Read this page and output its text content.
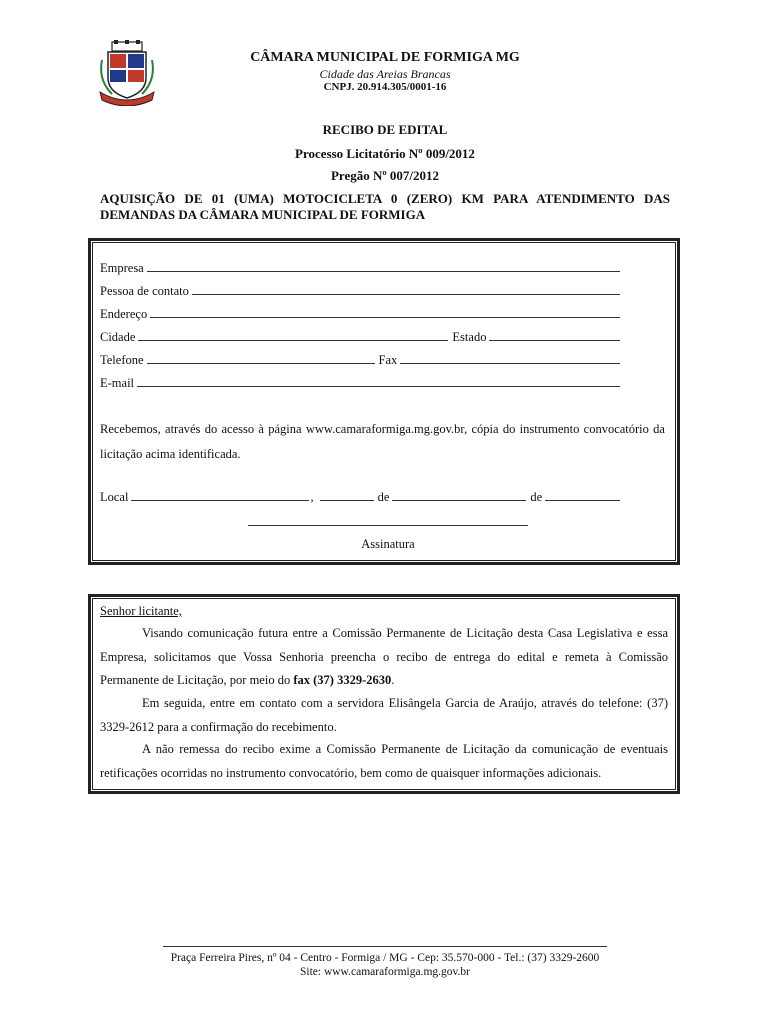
CÂMARA MUNICIPAL DE FORMIGA MG
Cidade das Areias Brancas
CNPJ. 20.914.305/0001-16
RECIBO DE EDITAL
Processo Licitatório Nº 009/2012
Pregão Nº 007/2012
AQUISIÇÃO DE 01 (UMA) MOTOCICLETA 0 (ZERO) KM PARA ATENDIMENTO DAS DEMANDAS DA CÂMARA MUNICIPAL DE FORMIGA
Empresa
Pessoa de contato
Endereço
Cidade	Estado
Telefone	Fax
E-mail
Recebemos, através do acesso à página www.camaraformiga.mg.gov.br, cópia do instrumento convocatório da licitação acima identificada.
Local	,	de	de
Assinatura
Senhor licitante,
Visando comunicação futura entre a Comissão Permanente de Licitação desta Casa Legislativa e essa Empresa, solicitamos que Vossa Senhoria preencha o recibo de entrega do edital e remeta à Comissão Permanente de Licitação, por meio do fax (37) 3329-2630.
Em seguida, entre em contato com a servidora Elisângela Garcia de Araújo, através do telefone: (37) 3329-2612 para a confirmação do recebimento.
A não remessa do recibo exime a Comissão Permanente de Licitação da comunicação de eventuais retificações ocorridas no instrumento convocatório, bem como de quaisquer informações adicionais.
Praça Ferreira Pires, nº 04 - Centro - Formiga / MG - Cep: 35.570-000 - Tel.: (37) 3329-2600
Site: www.camaraformiga.mg.gov.br
